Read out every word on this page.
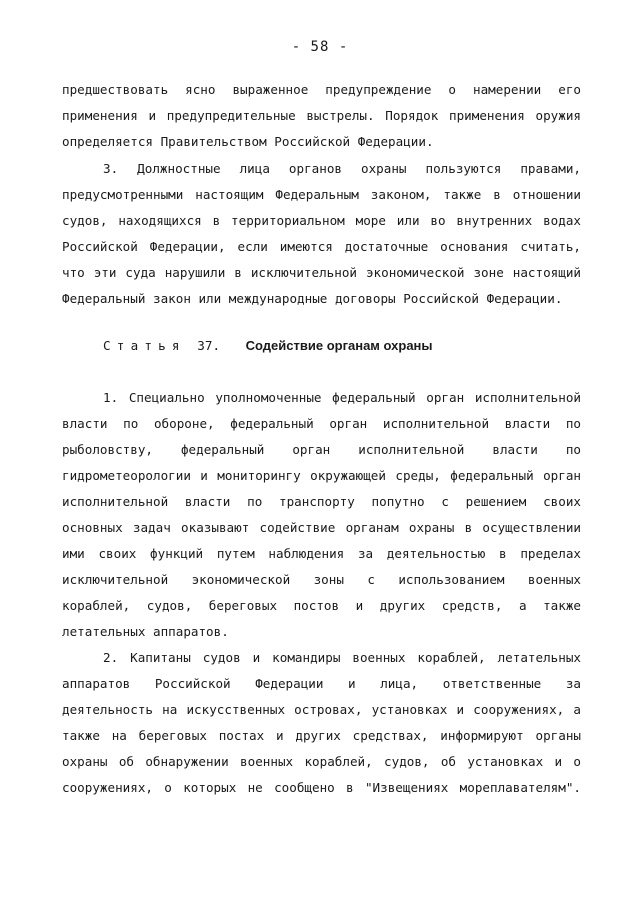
- 58 -
предшествовать ясно выраженное предупреждение о намерении его
применения и предупредительные выстрелы. Порядок применения оружия
определяется Правительством Российской Федерации.
3. Должностные лица органов охраны пользуются правами,
предусмотренными настоящим Федеральным законом, также в отношении
судов, находящихся в территориальном море или во внутренних водах
Российской Федерации, если имеются достаточные основания считать,
что эти суда нарушили в исключительной экономической зоне настоящий
Федеральный закон или международные договоры Российской Федерации.
Статья 37. Содействие органам охраны
1. Специально уполномоченные федеральный орган исполнительной
власти по обороне, федеральный орган исполнительной власти по
рыболовству, федеральный орган исполнительной власти по
гидрометеорологии и мониторингу окружающей среды, федеральный орган
исполнительной власти по транспорту попутно с решением своих
основных задач оказывают содействие органам охраны в осуществлении
ими своих функций путем наблюдения за деятельностью в пределах
исключительной экономической зоны с использованием военных
кораблей, судов, береговых постов и других средств, а также
летательных аппаратов.
2. Капитаны судов и командиры военных кораблей, летательных
аппаратов Российской Федерации и лица, ответственные за
деятельность на искусственных островах, установках и сооружениях, а
также на береговых постах и других средствах, информируют органы
охраны об обнаружении военных кораблей, судов, об установках и о
сооружениях, о которых не сообщено в "Извещениях мореплавателям".
